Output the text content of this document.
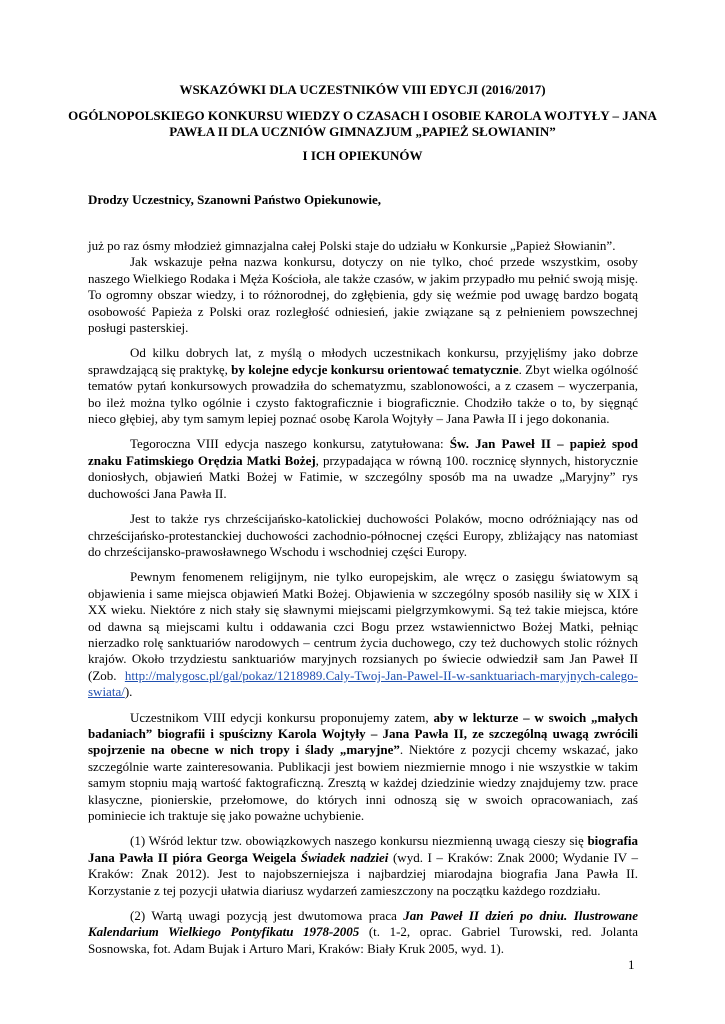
WSKAZÓWKI DLA UCZESTNIKÓW VIII EDYCJI (2016/2017)
OGÓLNOPOLSKIEGO KONKURSU WIEDZY O CZASACH I OSOBIE KAROLA WOJTYŁY – JANA PAWŁA II DLA UCZNIÓW GIMNAZJUM „PAPIEŻ SŁOWIANIN”
I ICH OPIEKUNÓW
Drodzy Uczestnicy, Szanowni Państwo Opiekunowie,

już po raz ósmy młodzież gimnazjalna całej Polski staje do udziału w Konkursie „Papież Słowianin”.

Jak wskazuje pełna nazwa konkursu, dotyczy on nie tylko, choć przede wszystkim, osoby naszego Wielkiego Rodaka i Męża Kościoła, ale także czasów, w jakim przypadło mu pełnić swoją misję. To ogromny obszar wiedzy, i to różnorodnej, do zgłębienia, gdy się weźmie pod uwagę bardzo bogatą osobowość Papieża z Polski oraz rozległość odniesień, jakie związane są z pełnieniem powszechnej posługi pasterskiej.

Od kilku dobrych lat, z myślą o młodych uczestnikach konkursu, przyjęliśmy jako dobrze sprawdzającą się praktykę, by kolejne edycje konkursu orientować tematycznie. Zbyt wielka ogólność tematów pytań konkursowych prowadziła do schematyzmu, szablonowości, a z czasem – wyczerpania, bo ileż można tylko ogólnie i czysto faktograficznie i biograficznie. Chodziło także o to, by sięgnąć nieco głębiej, aby tym samym lepiej poznać osobę Karola Wojtyły – Jana Pawła II i jego dokonania.

Tegoroczna VIII edycja naszego konkursu, zatytułowana: Św. Jan Paweł II – papież spod znaku Fatimskiego Orędzia Matki Bożej, przypadająca w równą 100. rocznicę słynnych, historycznie doniosłych, objawień Matki Bożej w Fatimie, w szczególny sposób ma na uwadze „Maryjny” rys duchowości Jana Pawła II.

Jest to także rys chrześcijańsko-katolickiej duchowości Polaków, mocno odróżniający nas od chrześcijańsko-protestanckiej duchowości zachodnio-północnej części Europy, zbliżający nas natomiast do chrześcijansko-prawosławnego Wschodu i wschodniej części Europy.

Pewnym fenomenem religijnym, nie tylko europejskim, ale wręcz o zasięgu światowym są objawienia i same miejsca objawień Matki Bożej. Objawienia w szczególny sposób nasiliły się w XIX i XX wieku. Niektóre z nich stały się sławnymi miejscami pielgrzymkowymi. Są też takie miejsca, które od dawna są miejscami kultu i oddawania czci Bogu przez wstawiennictwo Bożej Matki, pełniąc nierzadko rolę sanktuariów narodowych – centrum życia duchowego, czy też duchowych stolic różnych krajów. Około trzydziestu sanktuariów maryjnych rozsianych po świecie odwiedził sam Jan Paweł II (Zob. http://malygosc.pl/gal/pokaz/1218989.Caly-Twoj-Jan-Pawel-II-w-sanktuariach-maryjnych-calego-swiata/).

Uczestnikom VIII edycji konkursu proponujemy zatem, aby w lekturze – w swoich „małych badaniach” biografii i spuścizny Karola Wojtyły – Jana Pawła II, ze szczególną uwagą zwrócili spojrzenie na obecne w nich tropy i ślady „maryjne”. Niektóre z pozycji chcemy wskazać, jako szczególnie warte zainteresowania. Publikacji jest bowiem niezmiernie mnogo i nie wszystkie w takim samym stopniu mają wartość faktograficzną. Zresztą w każdej dziedzinie wiedzy znajdujemy tzw. prace klasyczne, pionierskie, przełomowe, do których inni odnoszą się w swoich opracowaniach, zaś pominiecie ich traktuje się jako poważne uchybienie.

(1) Wśród lektur tzw. obowiązkowych naszego konkursu niezmienną uwagą cieszy się biografia Jana Pawła II pióra Georga Weigela Świadek nadziei (wyd. I – Kraków: Znak 2000; Wydanie IV – Kraków: Znak 2012). Jest to najobszerniejsza i najbardziej miarodajna biografia Jana Pawła II. Korzystanie z tej pozycji ułatwia diariusz wydarzeń zamieszczony na początku każdego rozdziału.

(2) Wartą uwagi pozycją jest dwutomowa praca Jan Paweł II dzień po dniu. Ilustrowane Kalendarium Wielkiego Pontyfikatu 1978-2005 (t. 1-2, oprac. Gabriel Turowski, red. Jolanta Sosnowska, fot. Adam Bujak i Arturo Mari, Kraków: Biały Kruk 2005, wyd. 1).

1
